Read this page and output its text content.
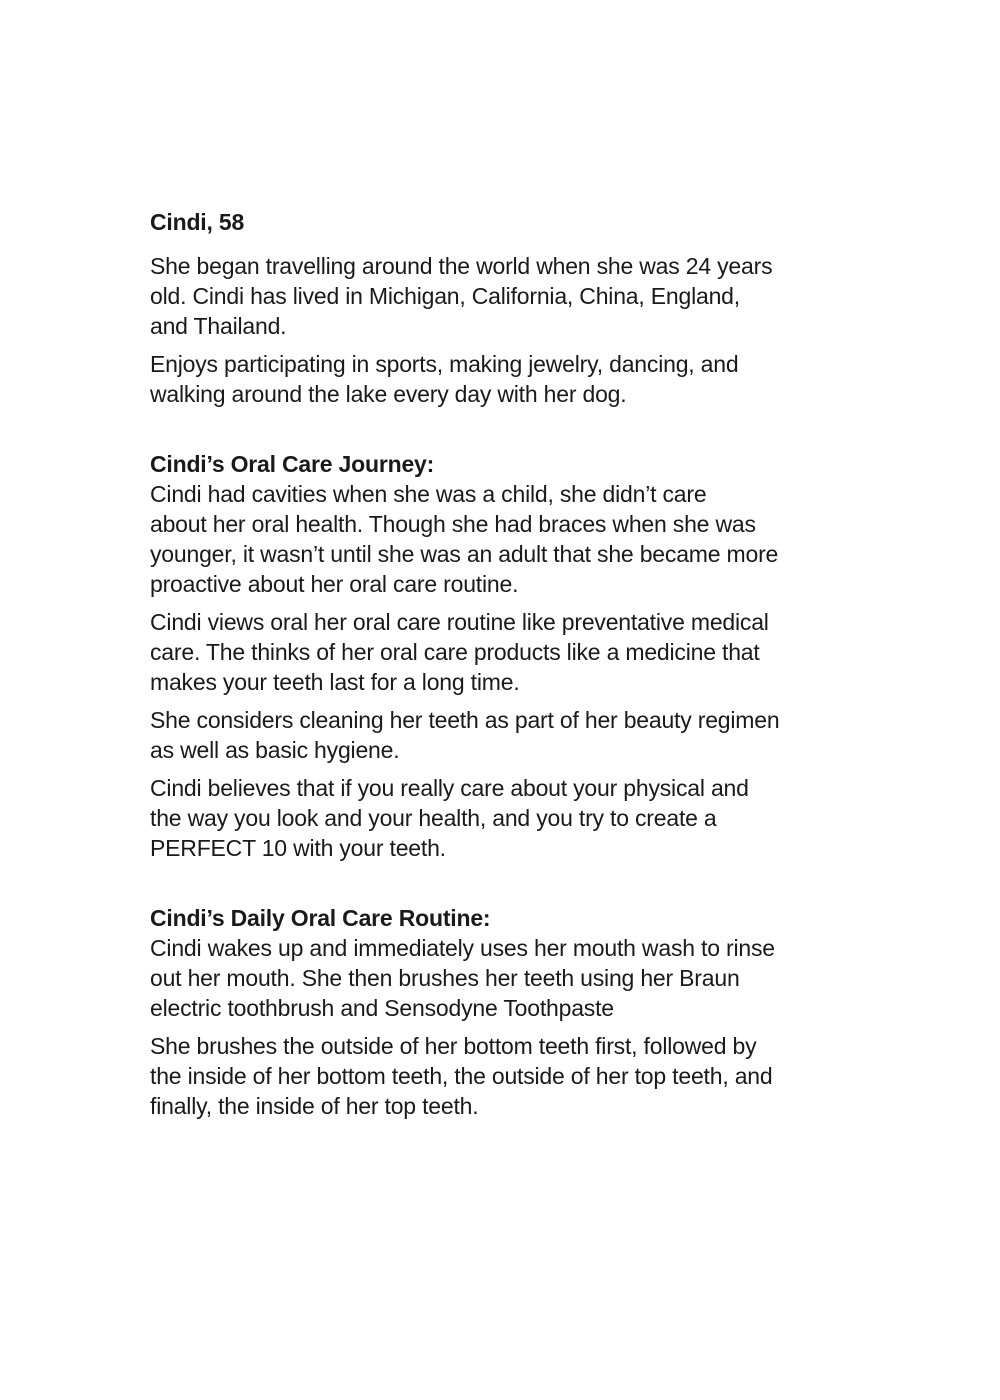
Cindi, 58
She began travelling around the world when she was 24 years
old. Cindi has lived in Michigan, California, China, England,
and Thailand.
Enjoys participating in sports, making jewelry, dancing, and
walking around the lake every day with her dog.
Cindi’s Oral Care Journey:
Cindi had cavities when she was a child, she didn’t care
about her oral health. Though she had braces when she was
younger, it wasn’t until she was an adult that she became more
proactive about her oral care routine.
Cindi views oral her oral care routine like preventative medical
care. The thinks of her oral care products like a medicine that
makes your teeth last for a long time.
She considers cleaning her teeth as part of her beauty regimen
as well as basic hygiene.
Cindi believes that if you really care about your physical and
the way you look and your health, and you try to create a
PERFECT 10 with your teeth.
Cindi’s Daily Oral Care Routine:
Cindi wakes up and immediately uses her mouth wash to rinse
out her mouth. She then brushes her teeth using her Braun
electric toothbrush and Sensodyne Toothpaste
She brushes the outside of her bottom teeth first, followed by
the inside of her bottom teeth, the outside of her top teeth, and
finally, the inside of her top teeth.
